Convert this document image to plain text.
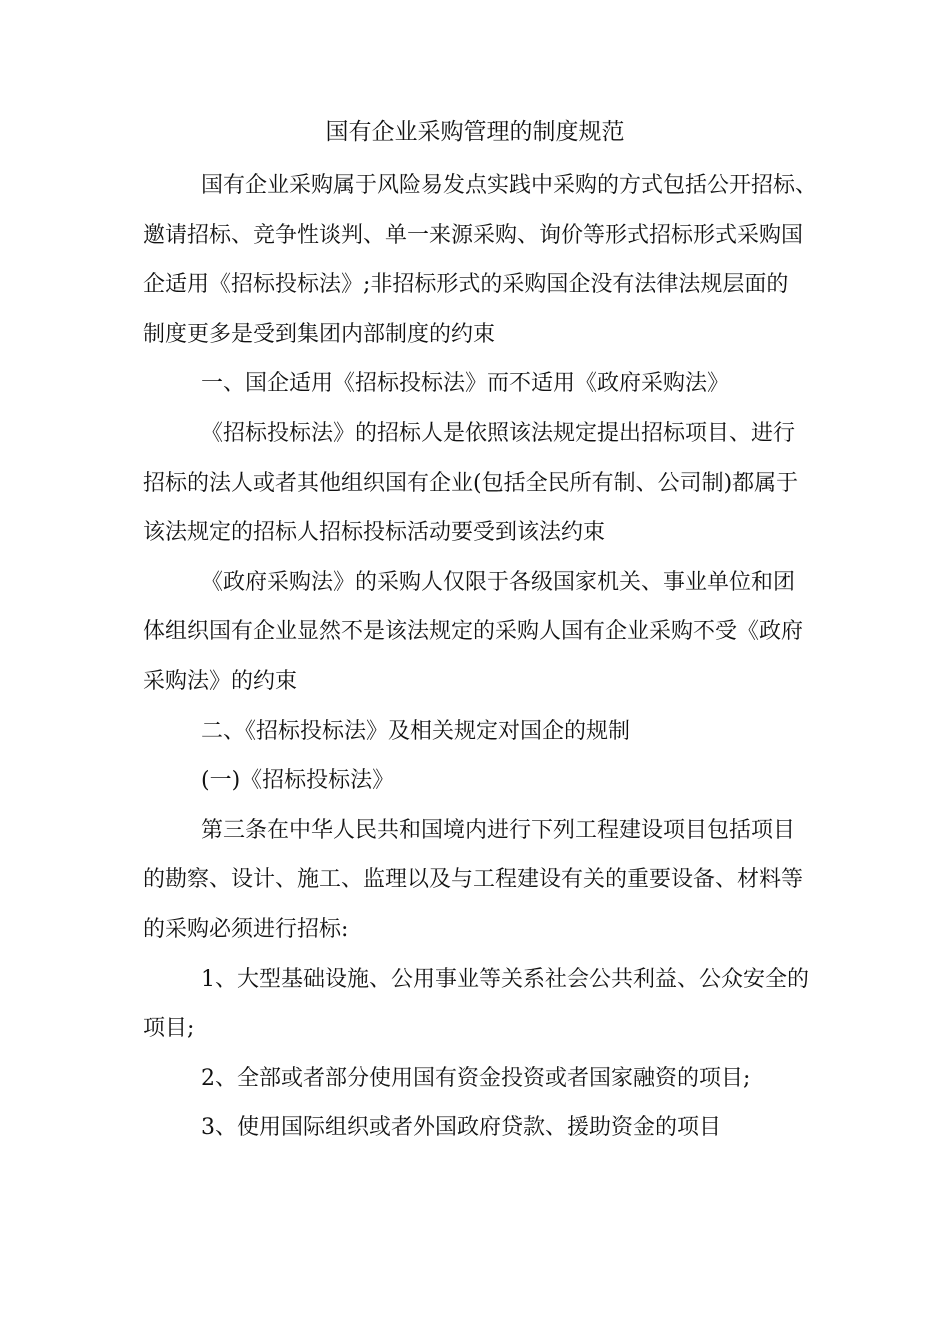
国有企业采购管理的制度规范

国有企业采购属于风险易发点实践中采购的方式包括公开招标、

邀请招标、竞争性谈判、单一来源采购、询价等形式招标形式采购国

企适用《招标投标法》;非招标形式的采购国企没有法律法规层面的

制度更多是受到集团内部制度的约束

一、国企适用《招标投标法》而不适用《政府采购法》

《招标投标法》的招标人是依照该法规定提出招标项目、进行

招标的法人或者其他组织国有企业(包括全民所有制、公司制)都属于

该法规定的招标人招标投标活动要受到该法约束

《政府采购法》的采购人仅限于各级国家机关、事业单位和团

体组织国有企业显然不是该法规定的采购人国有企业采购不受《政府

采购法》的约束

二、《招标投标法》及相关规定对国企的规制

(一)《招标投标法》

第三条在中华人民共和国境内进行下列工程建设项目包括项目

的勘察、设计、施工、监理以及与工程建设有关的重要设备、材料等

的采购必须进行招标:

1、大型基础设施、公用事业等关系社会公共利益、公众安全的

项目;

2、全部或者部分使用国有资金投资或者国家融资的项目;

3、使用国际组织或者外国政府贷款、援助资金的项目
